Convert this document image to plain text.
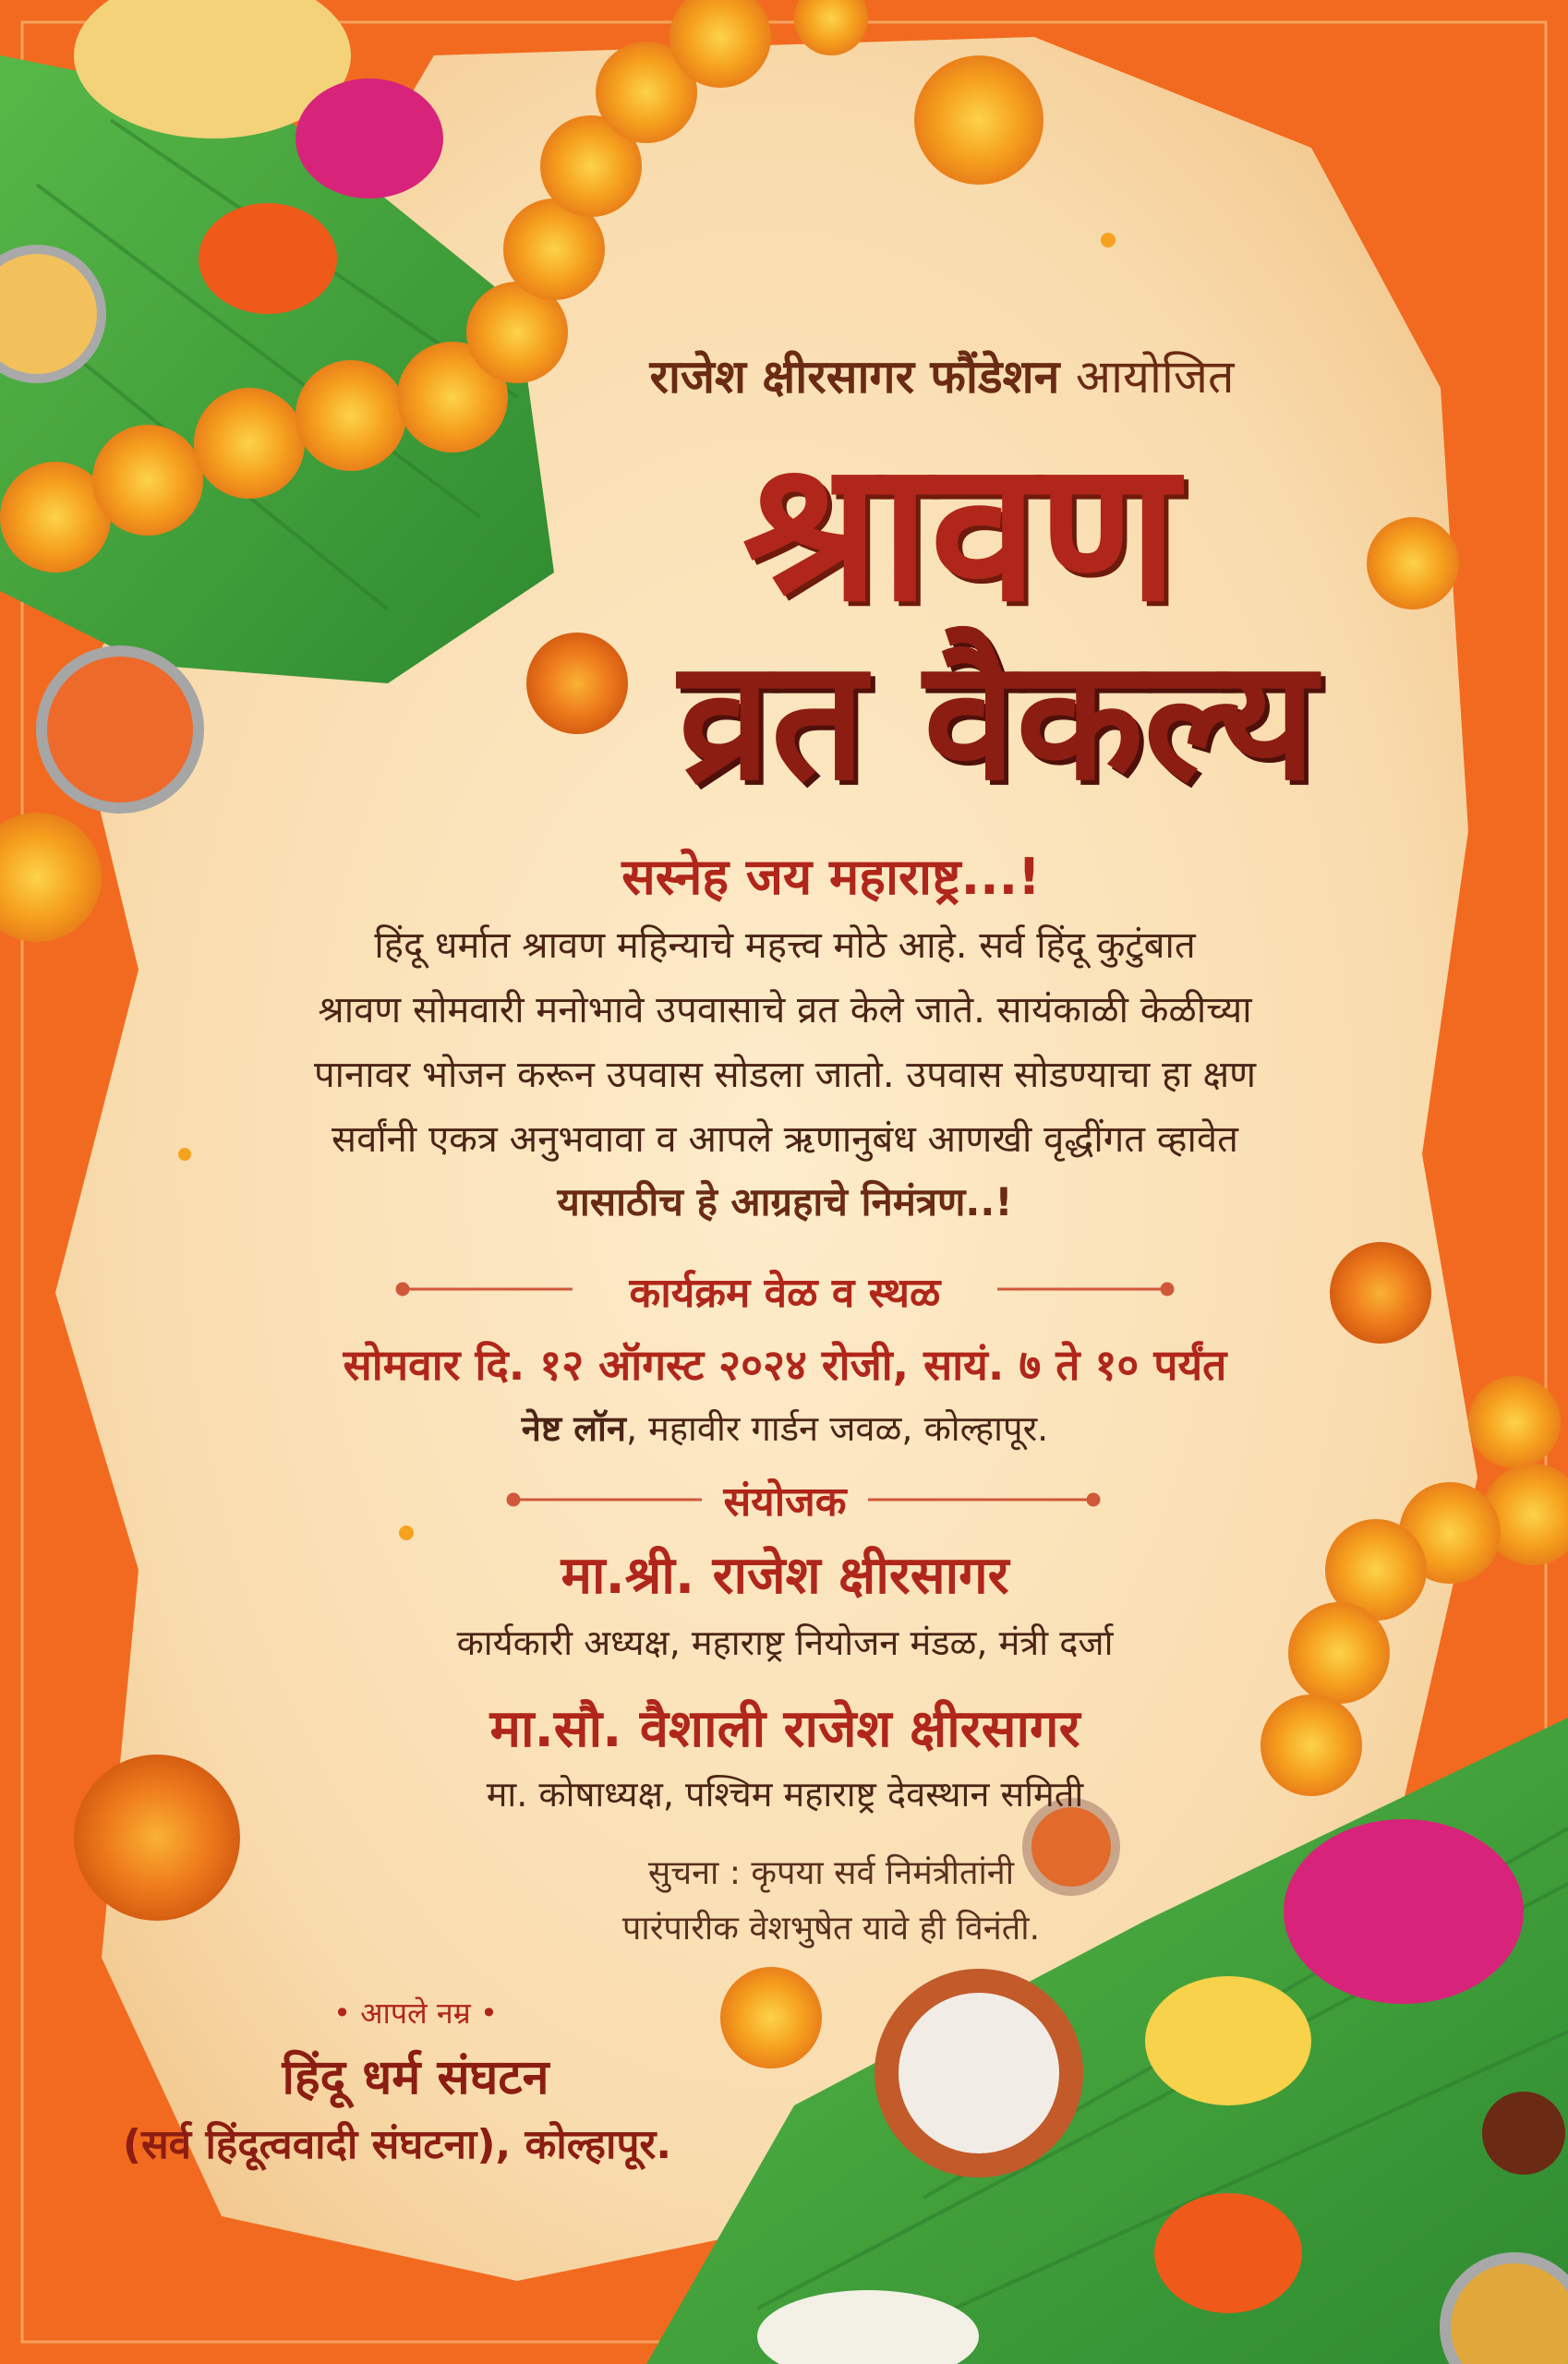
राजेश क्षीरसागर फौंडेशन आयोजित

श्रावण

व्रत वैकल्य

सस्नेह जय महाराष्ट्र...!

हिंदू धर्मात श्रावण महिन्याचे महत्त्व मोठे आहे. सर्व हिंदू कुटुंबात

श्रावण सोमवारी मनोभावे उपवासाचे व्रत केले जाते. सायंकाळी केळीच्या

पानावर भोजन करून उपवास सोडला जातो. उपवास सोडण्याचा हा क्षण

सर्वांनी एकत्र अनुभवावा व आपले ऋणानुबंध आणखी वृद्धींगत व्हावेत

यासाठीच हे आग्रहाचे निमंत्रण..!

कार्यक्रम वेळ व स्थळ

सोमवार दि. १२ ऑगस्ट २०२४ रोजी, सायं. ७ ते १० पर्यंत

नेष्ट लॉन, महावीर गार्डन जवळ, कोल्हापूर.

संयोजक

मा.श्री. राजेश क्षीरसागर

कार्यकारी अध्यक्ष, महाराष्ट्र नियोजन मंडळ, मंत्री दर्जा

मा.सौ. वैशाली राजेश क्षीरसागर

मा. कोषाध्यक्ष, पश्चिम महाराष्ट्र देवस्थान समिती

सुचना : कृपया सर्व निमंत्रीतांनी

पारंपारीक वेशभुषेत यावे ही विनंती.

• आपले नम्र •

हिंदू धर्म संघटन

(सर्व हिंदूत्ववादी संघटना), कोल्हापूर.
